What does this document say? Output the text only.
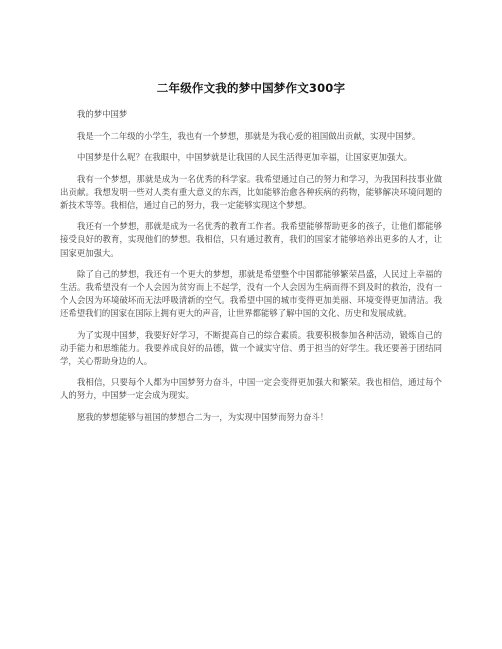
二年级作文我的梦中国梦作文300字

我的梦中国梦

我是一个二年级的小学生，我也有一个梦想，那就是为我心爱的祖国做出贡献，实现中国梦。

中国梦是什么呢？在我眼中，中国梦就是让我国的人民生活得更加幸福，让国家更加强大。

我有一个梦想，那就是成为一名优秀的科学家。我希望通过自己的努力和学习，为我国科技事业做出贡献。我想发明一些对人类有重大意义的东西，比如能够治愈各种疾病的药物，能够解决环境问题的新技术等等。我相信，通过自己的努力，我一定能够实现这个梦想。

我还有一个梦想，那就是成为一名优秀的教育工作者。我希望能够帮助更多的孩子，让他们都能够接受良好的教育，实现他们的梦想。我相信，只有通过教育，我们的国家才能够培养出更多的人才，让国家更加强大。

除了自己的梦想，我还有一个更大的梦想，那就是希望整个中国都能够繁荣昌盛，人民过上幸福的生活。我希望没有一个人会因为贫穷而上不起学，没有一个人会因为生病而得不到及时的救治，没有一个人会因为环境破坏而无法呼吸清新的空气。我希望中国的城市变得更加美丽、环境变得更加清洁。我还希望我们的国家在国际上拥有更大的声音，让世界都能够了解中国的文化、历史和发展成就。

为了实现中国梦，我要好好学习，不断提高自己的综合素质。我要积极参加各种活动，锻炼自己的动手能力和思维能力。我要养成良好的品德，做一个诚实守信、勇于担当的好学生。我还要善于团结同学，关心帮助身边的人。

我相信，只要每个人都为中国梦努力奋斗，中国一定会变得更加强大和繁荣。我也相信，通过每个人的努力，中国梦一定会成为现实。

愿我的梦想能够与祖国的梦想合二为一，为实现中国梦而努力奋斗！
